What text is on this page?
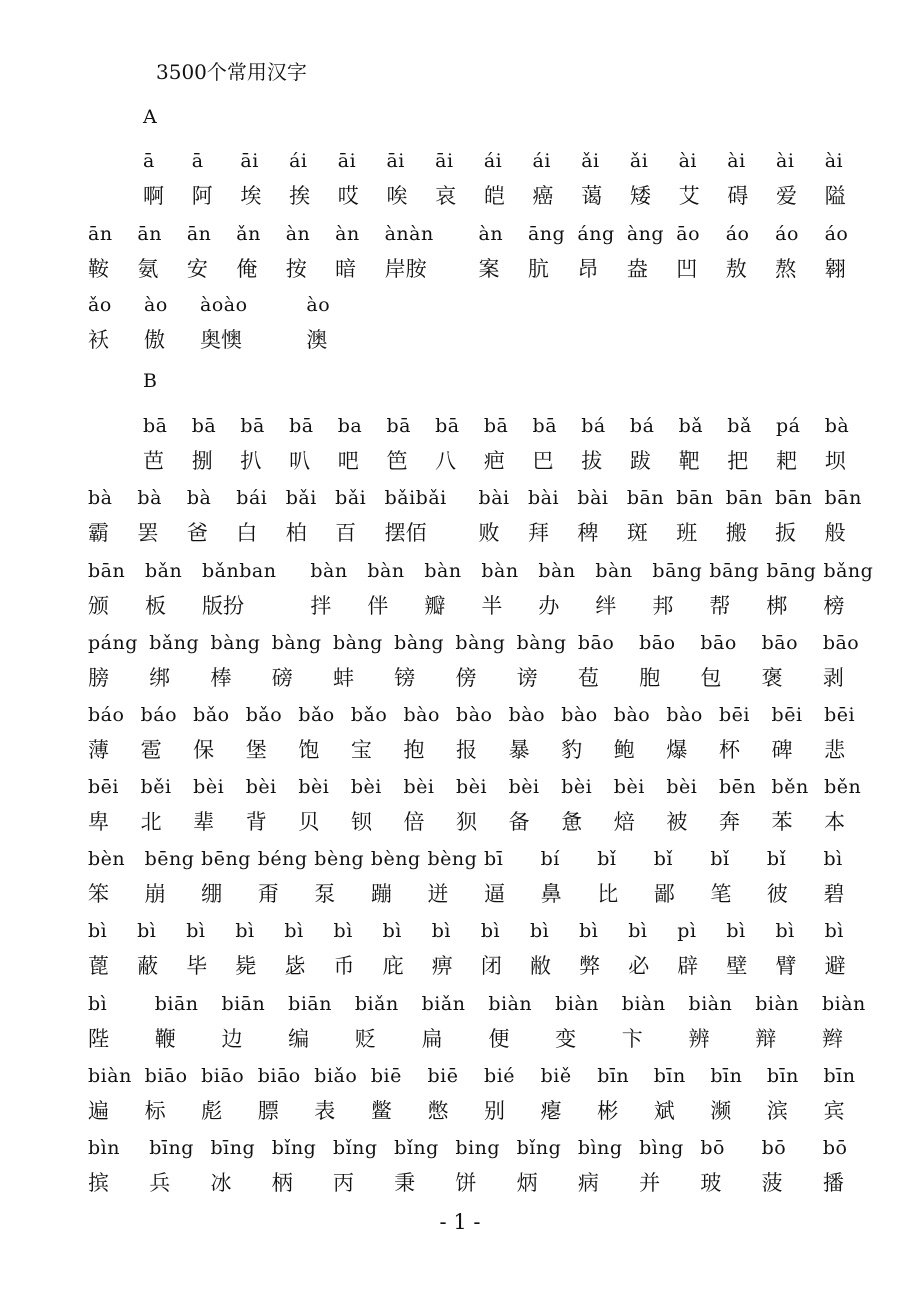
3500个常用汉字
A
ā
啊
ā
阿
āi
埃
ái
挨
āi
哎
āi
唉
āi
哀
ái
皑
ái
癌
ǎi
蔼
ǎi
矮
ài
艾
ài
碍
ài
爱
ài
隘
ān
鞍
ān
氨
ān
安
ǎn
俺
àn
按
àn
暗
ànàn
岸胺
àn
案
āng
肮
áng
昂
àng
盎
āo
凹
áo
敖
áo
熬
áo
翱
ǎo
袄
ào
傲
àoào
奥懊
ào
澳
B
bā
芭
bā
捌
bā
扒
bā
叭
ba
吧
bā
笆
bā
八
bā
疤
bā
巴
bá
拔
bá
跋
bǎ
靶
bǎ
把
pá
耙
bà
坝
bà
霸
bà
罢
bà
爸
bái
白
bǎi
柏
bǎi
百
bǎibǎi
摆佰
bài
败
bài
拜
bài
稗
bān
斑
bān
班
bān
搬
bān
扳
bān
般
bān
颁
bǎn
板
bǎnban
版扮
bàn
拌
bàn
伴
bàn
瓣
bàn
半
bàn
办
bàn
绊
bāng
邦
bāng
帮
bāng
梆
bǎng
榜
páng
膀
bǎng
绑
bàng
棒
bàng
磅
bàng
蚌
bàng
镑
bàng
傍
bàng
谤
bāo
苞
bāo
胞
bāo
包
bāo
褒
bāo
剥
báo
薄
báo
雹
bǎo
保
bǎo
堡
bǎo
饱
bǎo
宝
bào
抱
bào
报
bào
暴
bào
豹
bào
鲍
bào
爆
bēi
杯
bēi
碑
bēi
悲
bēi
卑
běi
北
bèi
辈
bèi
背
bèi
贝
bèi
钡
bèi
倍
bèi
狈
bèi
备
bèi
惫
bèi
焙
bèi
被
bēn
奔
běn
苯
běn
本
bèn
笨
bēng
崩
bēng
绷
béng
甭
bèng
泵
bèng
蹦
bèng
迸
bī
逼
bí
鼻
bǐ
比
bǐ
鄙
bǐ
笔
bǐ
彼
bì
碧
bì
蓖
bì
蔽
bì
毕
bì
毙
bì
毖
bì
币
bì
庇
bì
痹
bì
闭
bì
敝
bì
弊
bì
必
pì
辟
bì
壁
bì
臂
bì
避
bì
陛
biān
鞭
biān
边
biān
编
biǎn
贬
biǎn
扁
biàn
便
biàn
变
biàn
卞
biàn
辨
biàn
辩
biàn
辫
biàn
遍
biāo
标
biāo
彪
biāo
膘
biǎo
表
biē
鳖
biē
憋
bié
别
biě
瘪
bīn
彬
bīn
斌
bīn
濒
bīn
滨
bīn
宾
bìn
摈
bīng
兵
bīng
冰
bǐng
柄
bǐng
丙
bǐng
秉
bing
饼
bǐng
炳
bìng
病
bìng
并
bō
玻
bō
菠
bō
播
- 1 -
